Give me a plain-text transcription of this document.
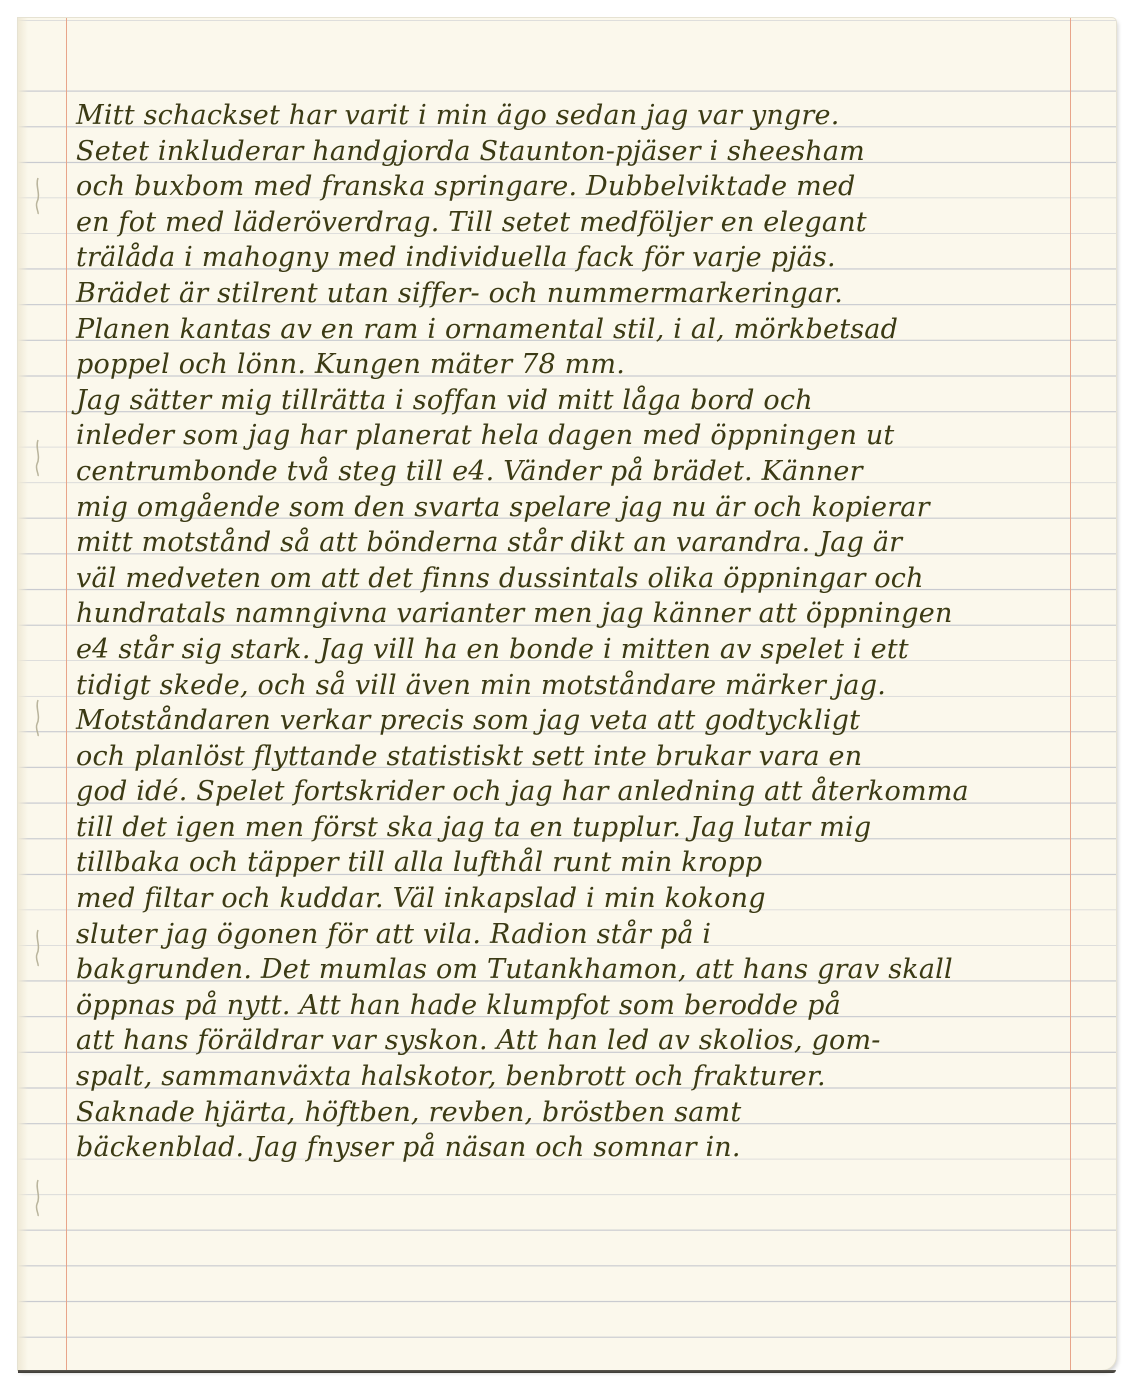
Mitt schackset har varit i min ägo sedan jag var yngre.
Setet inkluderar handgjorda Staunton-pjäser i sheesham
och buxbom med franska springare. Dubbelviktade med
en fot med läderöverdrag. Till setet medföljer en elegant
trälåda i mahogny med individuella fack för varje pjäs.
Brädet är stilrent utan siffer- och nummermarkeringar.
Planen kantas av en ram i ornamental stil, i al, mörkbetsad
poppel och lönn. Kungen mäter 78 mm.
Jag sätter mig tillrätta i soffan vid mitt låga bord och
inleder som jag har planerat hela dagen med öppningen ut
centrumbonde två steg till e4. Vänder på brädet. Känner
mig omgående som den svarta spelare jag nu är och kopierar
mitt motstånd så att bönderna står dikt an varandra. Jag är
väl medveten om att det finns dussintals olika öppningar och
hundratals namngivna varianter men jag känner att öppningen
e4 står sig stark. Jag vill ha en bonde i mitten av spelet i ett
tidigt skede, och så vill även min motståndare märker jag.
Motståndaren verkar precis som jag veta att godtyckligt
och planlöst flyttande statistiskt sett inte brukar vara en
god idé. Spelet fortskrider och jag har anledning att återkomma
till det igen men först ska jag ta en tupplur. Jag lutar mig
tillbaka och täpper till alla lufthål runt min kropp
med filtar och kuddar. Väl inkapslad i min kokong
sluter jag ögonen för att vila. Radion står på i
bakgrunden. Det mumlas om Tutankhamon, att hans grav skall
öppnas på nytt. Att han hade klumpfot som berodde på
att hans föräldrar var syskon. Att han led av skolios, gom-
spalt, sammanväxta halskotor, benbrott och frakturer.
Saknade hjärta, höftben, revben, bröstben samt
bäckenblad. Jag fnyser på näsan och somnar in.
